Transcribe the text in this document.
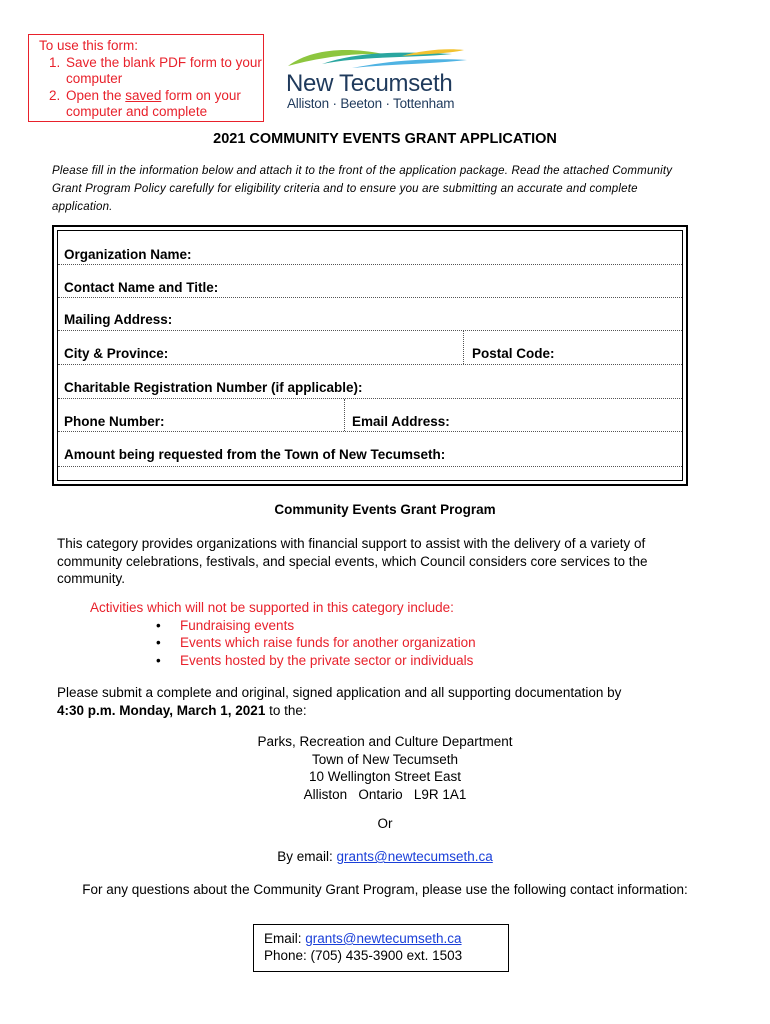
To use this form:
1. Save the blank PDF form to your computer
2. Open the saved form on your computer and complete
New Tecumseth
Alliston · Beeton · Tottenham
2021 COMMUNITY EVENTS GRANT APPLICATION
Please fill in the information below and attach it to the front of the application package. Read the attached Community Grant Program Policy carefully for eligibility criteria and to ensure you are submitting an accurate and complete application.
Organization Name:
Contact Name and Title:
Mailing Address:
City & Province:	Postal Code:
Charitable Registration Number (if applicable):
Phone Number:	Email Address:
Amount being requested from the Town of New Tecumseth:
Community Events Grant Program
This category provides organizations with financial support to assist with the delivery of a variety of community celebrations, festivals, and special events, which Council considers core services to the community.
Activities which will not be supported in this category include:
• Fundraising events
• Events which raise funds for another organization
• Events hosted by the private sector or individuals
Please submit a complete and original, signed application and all supporting documentation by
4:30 p.m. Monday, March 1, 2021 to the:
Parks, Recreation and Culture Department
Town of New Tecumseth
10 Wellington Street East
Alliston   Ontario   L9R 1A1
Or
By email: grants@newtecumseth.ca
For any questions about the Community Grant Program, please use the following contact information:
Email: grants@newtecumseth.ca
Phone: (705) 435-3900 ext. 1503
